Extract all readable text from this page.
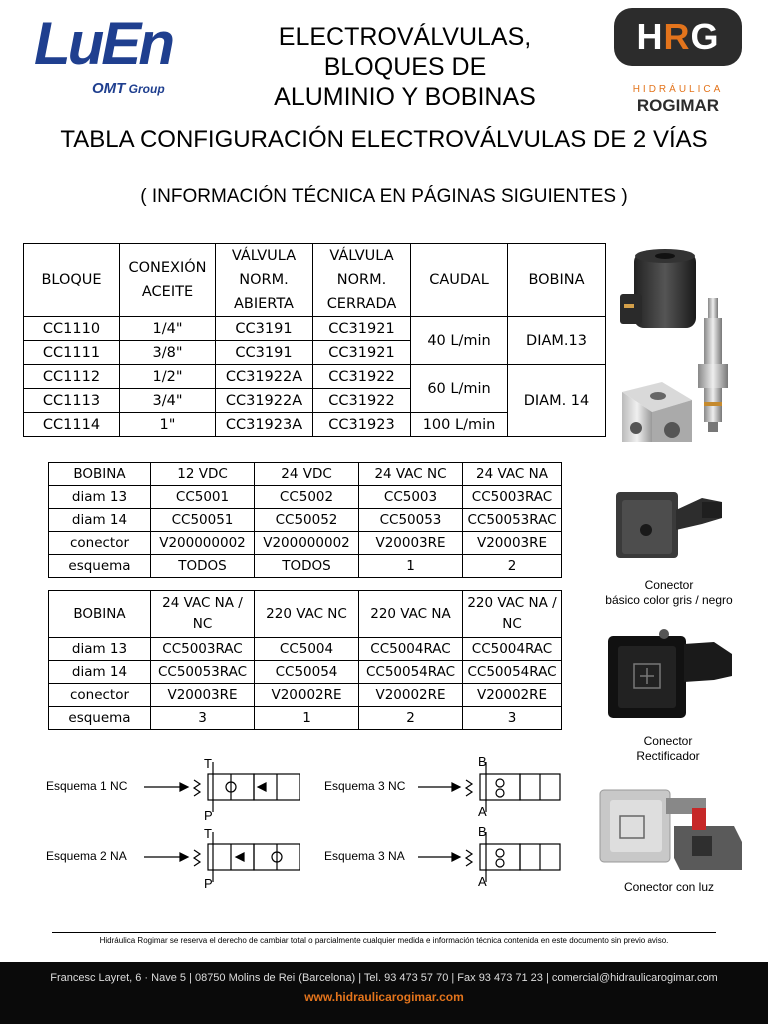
LuEn
OMT Group
H R G
HIDRÁULICA
ROGIMAR
ELECTROVÁLVULAS,
BLOQUES DE
ALUMINIO Y BOBINAS
TABLA CONFIGURACIÓN ELECTROVÁLVULAS DE 2 VÍAS
( INFORMACIÓN TÉCNICA EN PÁGINAS SIGUIENTES )
BLOQUE	CONEXIÓN ACEITE	VÁLVULA NORM. ABIERTA	VÁLVULA NORM. CERRADA	CAUDAL	BOBINA
CC1110	1/4"	CC3191	CC31921	40 L/min	DIAM.13
CC1111	3/8"	CC3191	CC31921		
CC1112	1/2"	CC31922A	CC31922	60 L/min	DIAM. 14
CC1113	3/4"	CC31922A	CC31922		
CC1114	1"	CC31923A	CC31923	100 L/min	
BOBINA	12 VDC	24 VDC	24 VAC NC	24 VAC NA
diam 13	CC5001	CC5002	CC5003	CC5003RAC
diam 14	CC50051	CC50052	CC50053	CC50053RAC
conector	V200000002	V200000002	V20003RE	V20003RE
esquema	TODOS	TODOS	1	2
BOBINA	24 VAC NA / NC	220 VAC NC	220 VAC NA	220 VAC NA / NC
diam 13	CC5003RAC	CC5004	CC5004RAC	CC5004RAC
diam 14	CC50053RAC	CC50054	CC50054RAC	CC50054RAC
conector	V20003RE	V20002RE	V20002RE	V20002RE
esquema	3	1	2	3
Conector
básico color gris / negro
Conector
Rectificador
Conector con luz
Esquema 1 NC
Esquema 2 NA
Esquema 3 NC
Esquema 3 NA
T
P
T
P
B
A
B
A
Hidráulica Rogimar se reserva el derecho de cambiar total o parcialmente cualquier medida e información técnica contenida en este documento sin previo aviso.
Francesc Layret, 6 · Nave 5 | 08750 Molins de Rei (Barcelona) | Tel. 93 473 57 70 | Fax 93 473 71 23 | comercial@hidraulicarogimar.com
www.hidraulicarogimar.com
